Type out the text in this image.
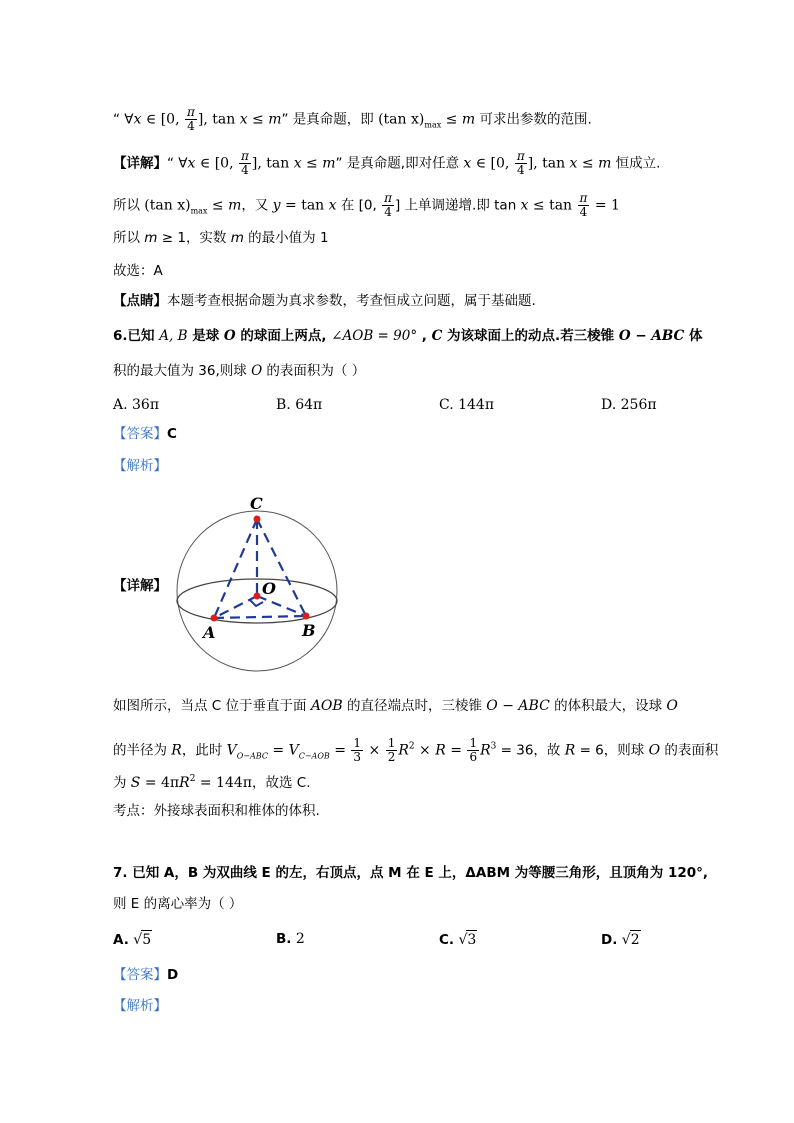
“ ∀x ∈ [0, $\frac{\pi}{4}$ ], tan x ≤ m” 是真命题，即 (tan $x)_{max} \le m$ 可求出参数的范围.
【详解】“ ∀x ∈ [0, $\frac{\pi}{4}$ ], tan x ≤ m” 是真命题,即对任意 x ∈ [0, $\frac{\pi}{4}$ ], tan x ≤ m 恒成立.
所以 (tan $x)_{max} \le m$，又 y = tan x 在 [0, $\frac{\pi}{4}$ ] 上单调递增.即 $\tan x \le \tan \frac{\pi}{4} = 1$
所以 m ≥ 1，实数 m 的最小值为 1
故选：A
【点睛】本题考查根据命题为真求参数，考查恒成立问题，属于基础题.
6.已知 A, B 是球 O 的球面上两点, ∠AOB = 90° , C 为该球面上的动点.若三棱锥 O − ABC 体
积的最大值为 36,则球 O 的表面积为（ ）
A. 36π	B. 64π	C. 144π	D. 256π
【答案】C
【解析】
【详解】
C
O
A	B
如图所示，当点 C 位于垂直于面 AOB 的直径端点时，三棱锥 O − ABC 的体积最大，设球 O
的半径为 R，此时 $V_{O-ABC} = V_{C-AOB} = \frac{1}{3} \times \frac{1}{2} R^2 \times R = \frac{1}{6} R^3 = 36$，故 R = 6，则球 O 的表面积
为 $S = 4\pi R^2 = 144\pi$，故选 C.
考点：外接球表面积和椎体的体积.
7. 已知 A，B 为双曲线 E 的左，右顶点，点 M 在 E 上，ΔABM 为等腰三角形，且顶角为 120°,
则 E 的离心率为（ ）
A. √5	B. 2	C. √3	D. √2
【答案】D
【解析】
